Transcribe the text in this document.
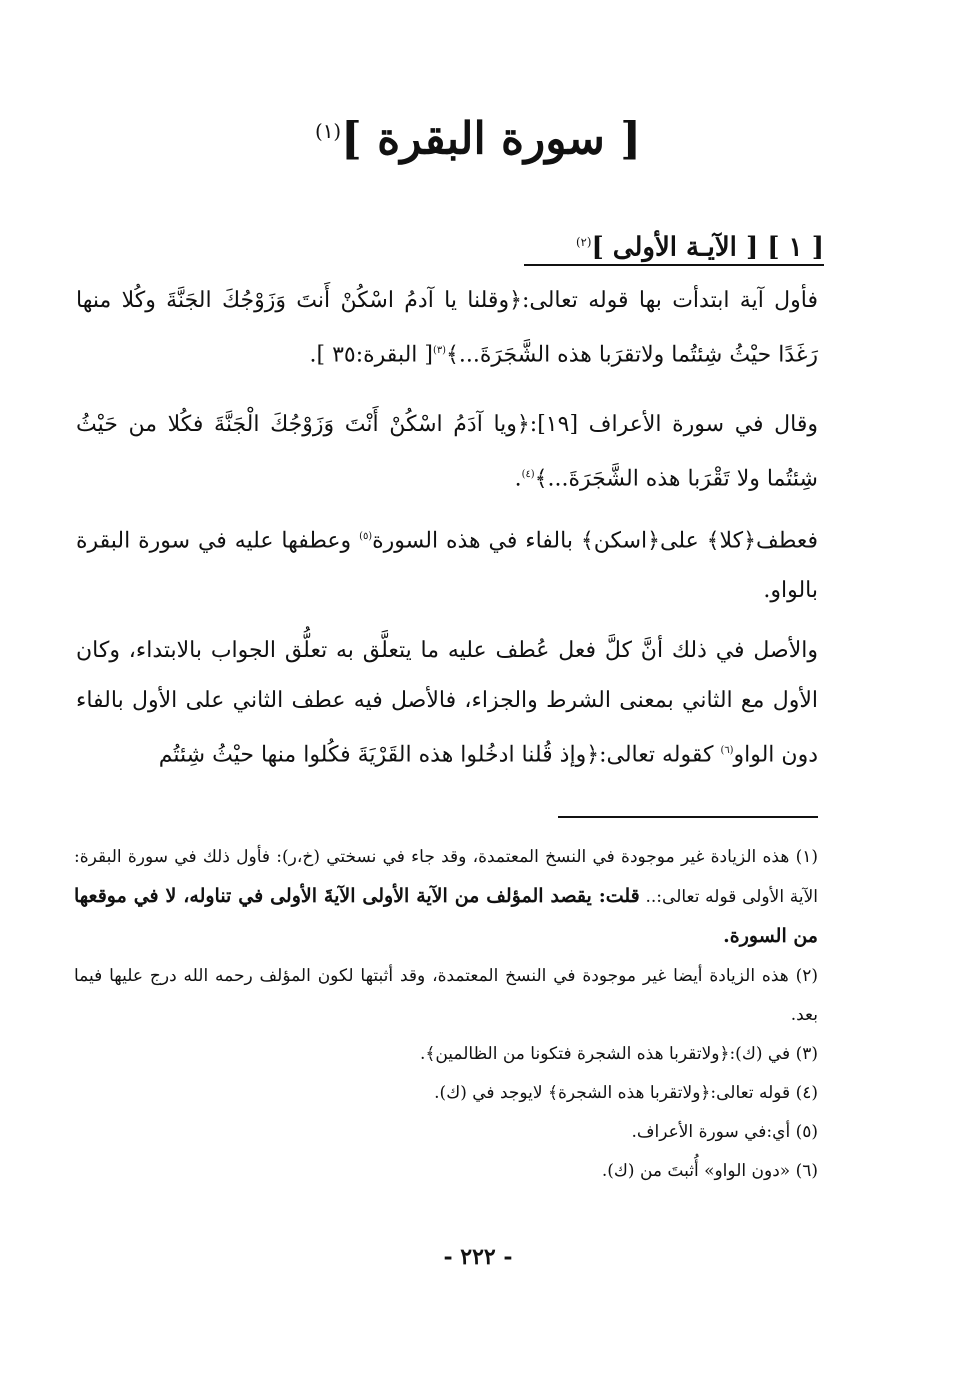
[ سورة البقرة ]$^{(١)}$
[ ١ ] [ الآيـة الأولى ]$^{(٢)}$
فأول آية ابتدأت بها قوله تعالى:﴿وقلنا يا آدمُ اسْكُنْ أَنتَ وَزَوْجُكَ الجَنَّةَ وكُلا منها رَغَدًا حيْثُ شِئتُما ولاتقرَبا هذه الشَّجَرَةَ...﴾$^{(٣)}$[ البقرة:٣٥ ].
وقال في سورة الأعراف [١٩]:﴿ويا آدَمُ اسْكُنْ أَنْتَ وَزَوْجُكَ الْجَنَّةَ فكُلا من حَيْثُ شِئتُما ولا تَقْرَبا هذه الشَّجَرَةَ...﴾$^{(٤)}$.
فعطف﴿كلا﴾ على﴿اسكن﴾ بالفاء في هذه السورة$^{(٥)}$ وعطفها عليه في سورة البقرة بالواو.
والأصل في ذلك أنَّ كلَّ فعل عُطف عليه ما يتعلَّق به تعلُّق الجواب بالابتداء، وكان الأول مع الثاني بمعنى الشرط والجزاء، فالأصل فيه عطف الثاني على الأول بالفاء دون الواو$^{(٦)}$ كقوله تعالى:﴿وإذ قُلنا ادخُلوا هذه القَرْيَةَ فكُلوا منها حيْثُ شِئتُم

(١) هذه الزيادة غير موجودة في النسخ المعتمدة، وقد جاء في نسختي (خ،ر): فأول ذلك في سورة البقرة: الآية الأولى قوله تعالى:.. قلت: يقصد المؤلف من الآية الأولى الآيةَ الأولى في تناوله، لا في موقعها من السورة.

(٢) هذه الزيادة أيضا غير موجودة في النسخ المعتمدة، وقد أثبتها لكون المؤلف رحمه الله درج عليها فيما بعد.

(٣) في (ك):﴿ولاتقربا هذه الشجرة فتكونا من الظالمين﴾.

(٤) قوله تعالى:﴿ولاتقربا هذه الشجرة﴾ لايوجد في (ك).

(٥) أي:في سورة الأعراف.

(٦) «دون الواو» أُثبتَ من (ك).

- ٢٢٢ -
